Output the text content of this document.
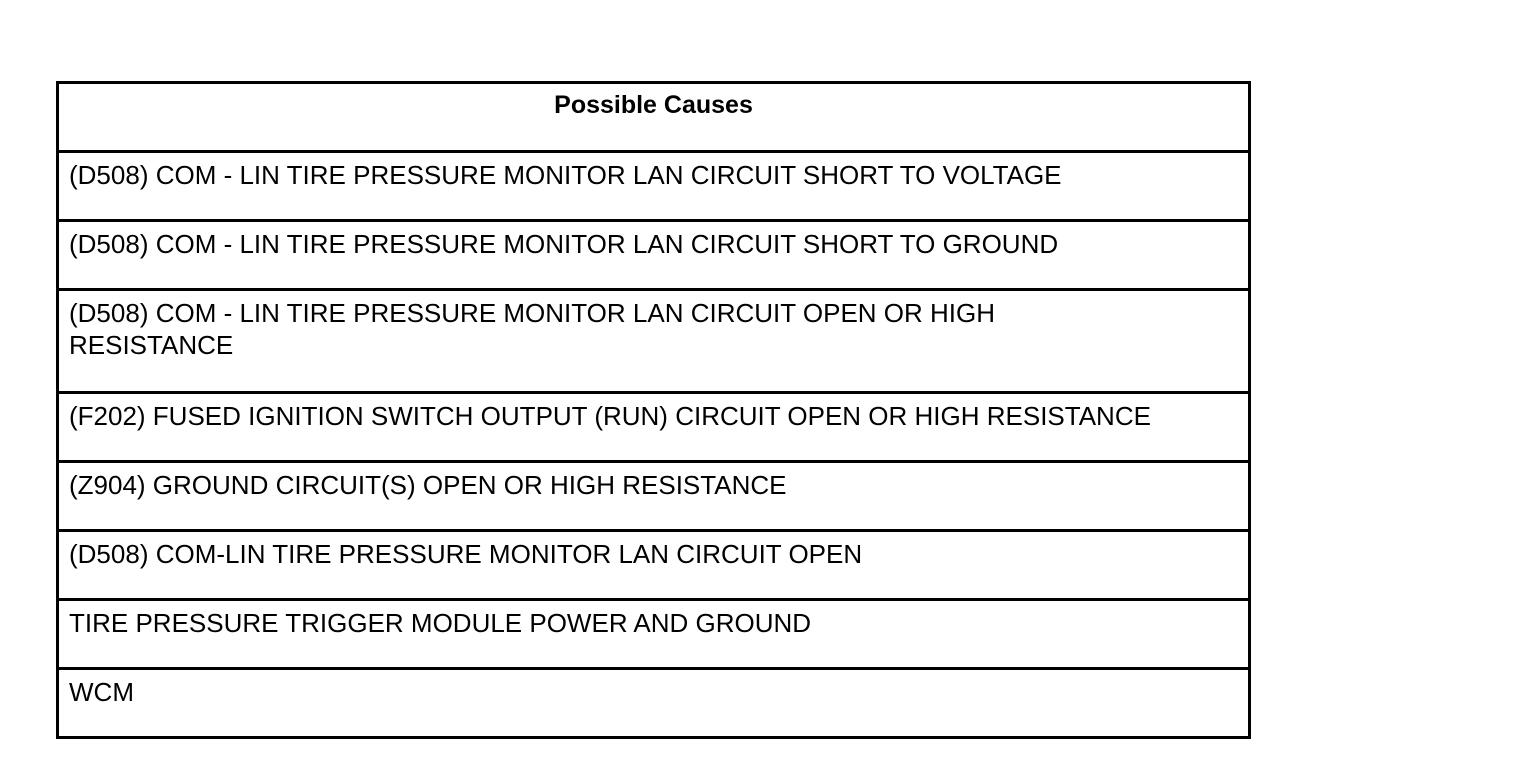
Possible Causes
(D508) COM - LIN TIRE PRESSURE MONITOR LAN CIRCUIT SHORT TO VOLTAGE
(D508) COM - LIN TIRE PRESSURE MONITOR LAN CIRCUIT SHORT TO GROUND
(D508) COM - LIN TIRE PRESSURE MONITOR LAN CIRCUIT OPEN OR HIGH RESISTANCE
(F202) FUSED IGNITION SWITCH OUTPUT (RUN) CIRCUIT OPEN OR HIGH RESISTANCE
(Z904) GROUND CIRCUIT(S) OPEN OR HIGH RESISTANCE
(D508) COM-LIN TIRE PRESSURE MONITOR LAN CIRCUIT OPEN
TIRE PRESSURE TRIGGER MODULE POWER AND GROUND
WCM
